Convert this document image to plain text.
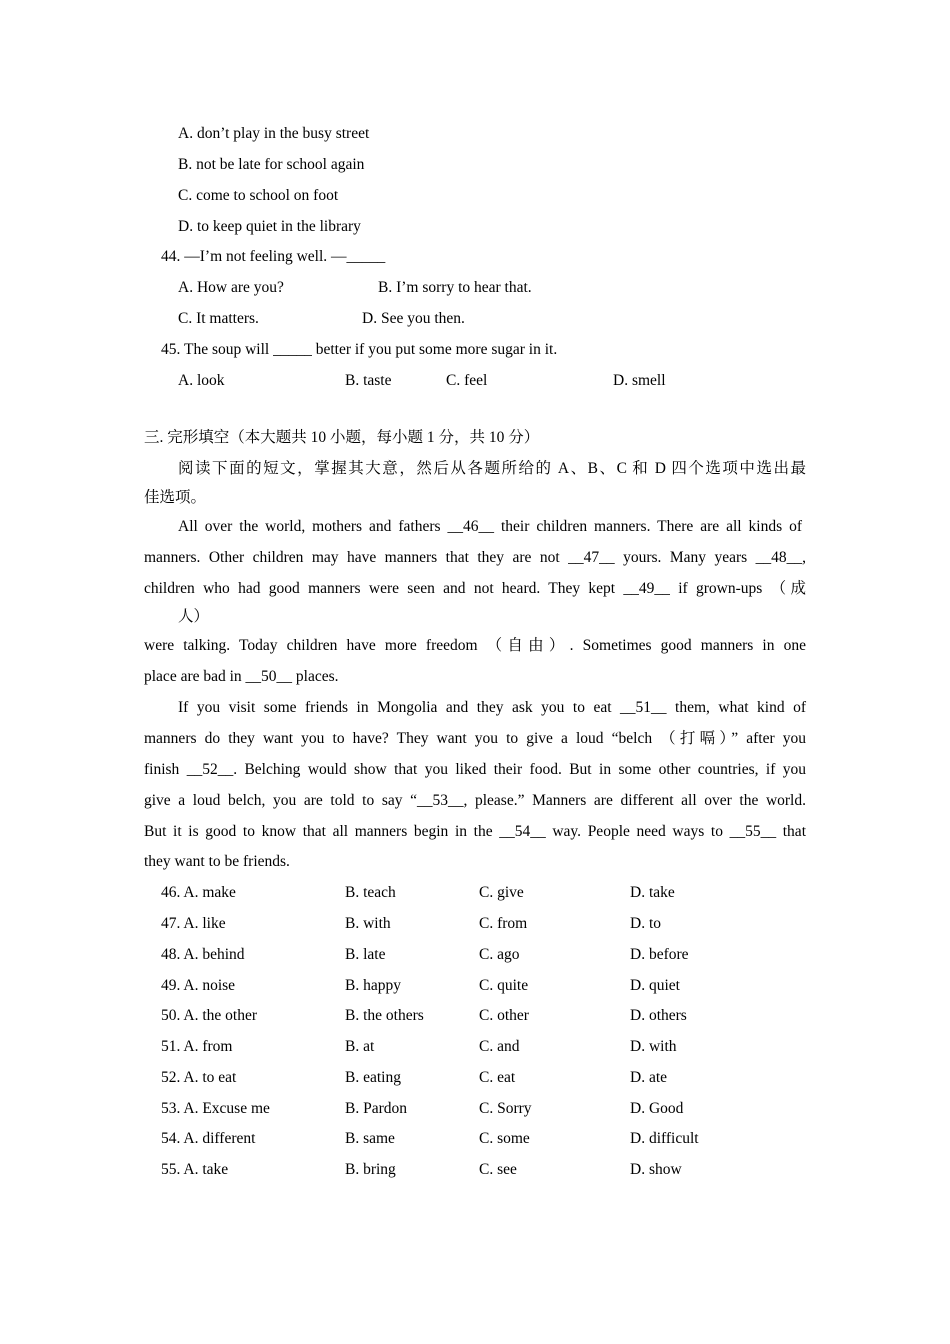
A. don’t play in the busy street
B. not be late for school again
C. come to school on foot
D. to keep quiet in the library
44. —I’m not feeling well. —_____
A. How are you?	B. I’m sorry to hear that.
C. It matters.	D. See you then.
45. The soup will _____ better if you put some more sugar in it.
A. look	B. taste	C. feel	D. smell
三. 完形填空（本大题共 10 小题，每小题 1 分，共 10 分）
阅读下面的短文，掌握其大意，然后从各题所给的 A、B、C 和 D 四个选项中选出最
佳选项。
All over the world, mothers and fathers __46__ their children manners. There are all kinds of
manners. Other children may have manners that they are not __47__ yours. Many years __48__,
children who had good manners were seen and not heard. They kept __49__ if grown-ups （成
人）
were talking. Today children have more freedom （自由）. Sometimes good manners in one
place are bad in __50__ places.
If you visit some friends in Mongolia and they ask you to eat __51__ them, what kind of
manners do they want you to have? They want you to give a loud “belch （打嗝）” after you
finish __52__. Belching would show that you liked their food. But in some other countries, if you
give a loud belch, you are told to say “__53__, please.” Manners are different all over the world.
But it is good to know that all manners begin in the __54__ way. People need ways to __55__ that
they want to be friends.
46. A. make	B. teach	C. give	D. take
47. A. like	B. with	C. from	D. to
48. A. behind	B. late	C. ago	D. before
49. A. noise	B. happy	C. quite	D. quiet
50. A. the other	B. the others	C. other	D. others
51. A. from	B. at	C. and	D. with
52. A. to eat	B. eating	C. eat	D. ate
53. A. Excuse me	B. Pardon	C. Sorry	D. Good
54. A. different	B. same	C. some	D. difficult
55. A. take	B. bring	C. see	D. show
